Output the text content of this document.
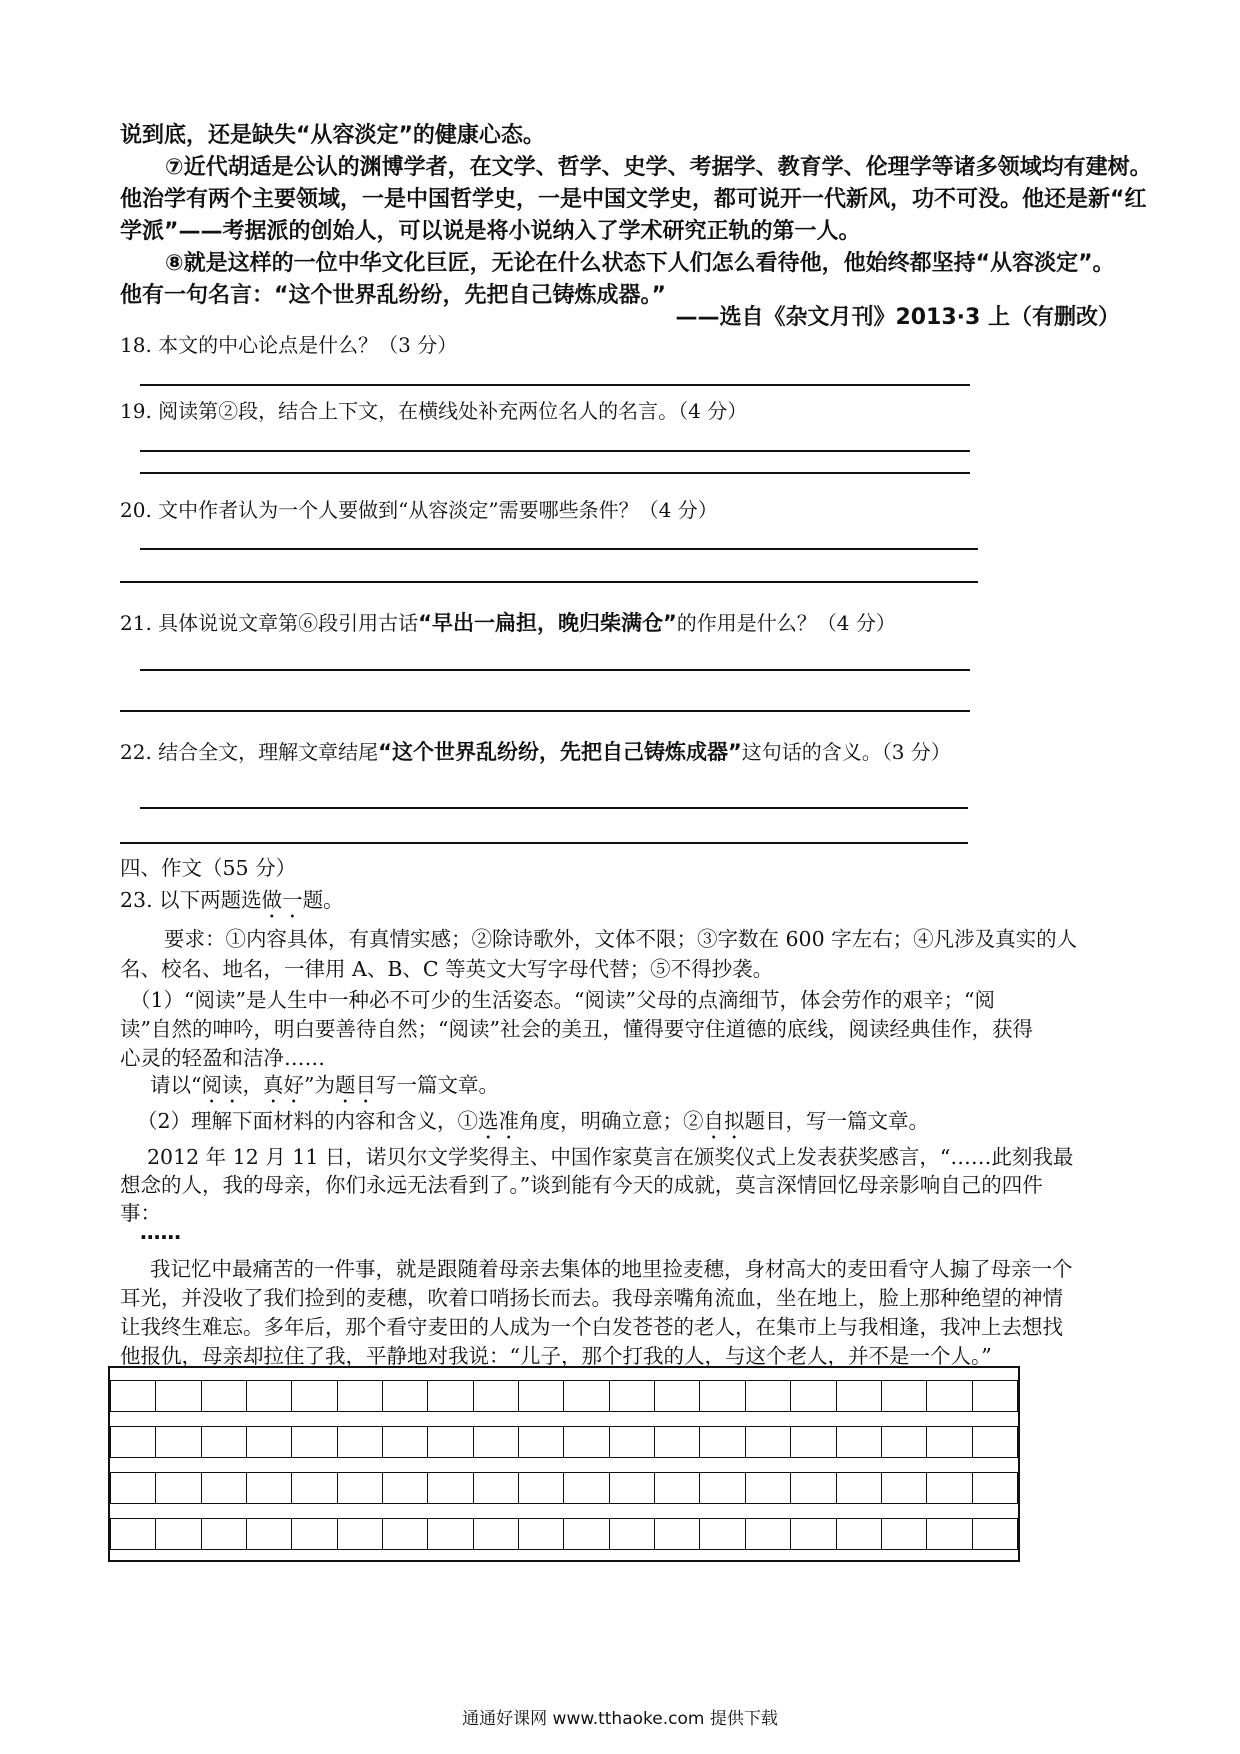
说到底，还是缺失“从容淡定”的健康心态。
⑦近代胡适是公认的渊博学者，在文学、哲学、史学、考据学、教育学、伦理学等诸多领域均有建树。
他治学有两个主要领域，一是中国哲学史，一是中国文学史，都可说开一代新风，功不可没。他还是新“红
学派”——考据派的创始人，可以说是将小说纳入了学术研究正轨的第一人。
⑧就是这样的一位中华文化巨匠，无论在什么状态下人们怎么看待他，他始终都坚持“从容淡定”。
他有一句名言：“这个世界乱纷纷，先把自己铸炼成器。”
——选自《杂文月刊》2013·3 上（有删改）
18. 本文的中心论点是什么？（3 分）
19. 阅读第②段，结合上下文，在横线处补充两位名人的名言。（4 分）
20. 文中作者认为一个人要做到“从容淡定”需要哪些条件？（4 分）
21. 具体说说文章第⑥段引用古话“早出一扁担，晚归柴满仓”的作用是什么？（4 分）
22. 结合全文，理解文章结尾“这个世界乱纷纷，先把自己铸炼成器”这句话的含义。（3 分）
四、作文（55 分）
23. 以下两题选做一题。
要求：①内容具体，有真情实感；②除诗歌外，文体不限；③字数在 600 字左右；④凡涉及真实的人
名、校名、地名，一律用 A、B、C 等英文大写字母代替；⑤不得抄袭。
（1）“阅读”是人生中一种必不可少的生活姿态。“阅读”父母的点滴细节，体会劳作的艰辛；“阅
读”自然的呻吟，明白要善待自然；“阅读”社会的美丑，懂得要守住道德的底线，阅读经典佳作，获得
心灵的轻盈和洁净……
请以“阅读，真好”为题目写一篇文章。
（2）理解下面材料的内容和含义，①选准角度，明确立意；②自拟题目，写一篇文章。
2012 年 12 月 11 日，诺贝尔文学奖得主、中国作家莫言在颁奖仪式上发表获奖感言，“……此刻我最
想念的人，我的母亲，你们永远无法看到了。”谈到能有今天的成就，莫言深情回忆母亲影响自己的四件
事：
……
我记忆中最痛苦的一件事，就是跟随着母亲去集体的地里捡麦穗，身材高大的麦田看守人搧了母亲一个
耳光，并没收了我们捡到的麦穗，吹着口哨扬长而去。我母亲嘴角流血，坐在地上，脸上那种绝望的神情
让我终生难忘。多年后，那个看守麦田的人成为一个白发苍苍的老人，在集市上与我相逢，我冲上去想找
他报仇，母亲却拉住了我，平静地对我说：“儿子，那个打我的人，与这个老人，并不是一个人。”
通通好课网 www.tthaoke.com 提供下载
